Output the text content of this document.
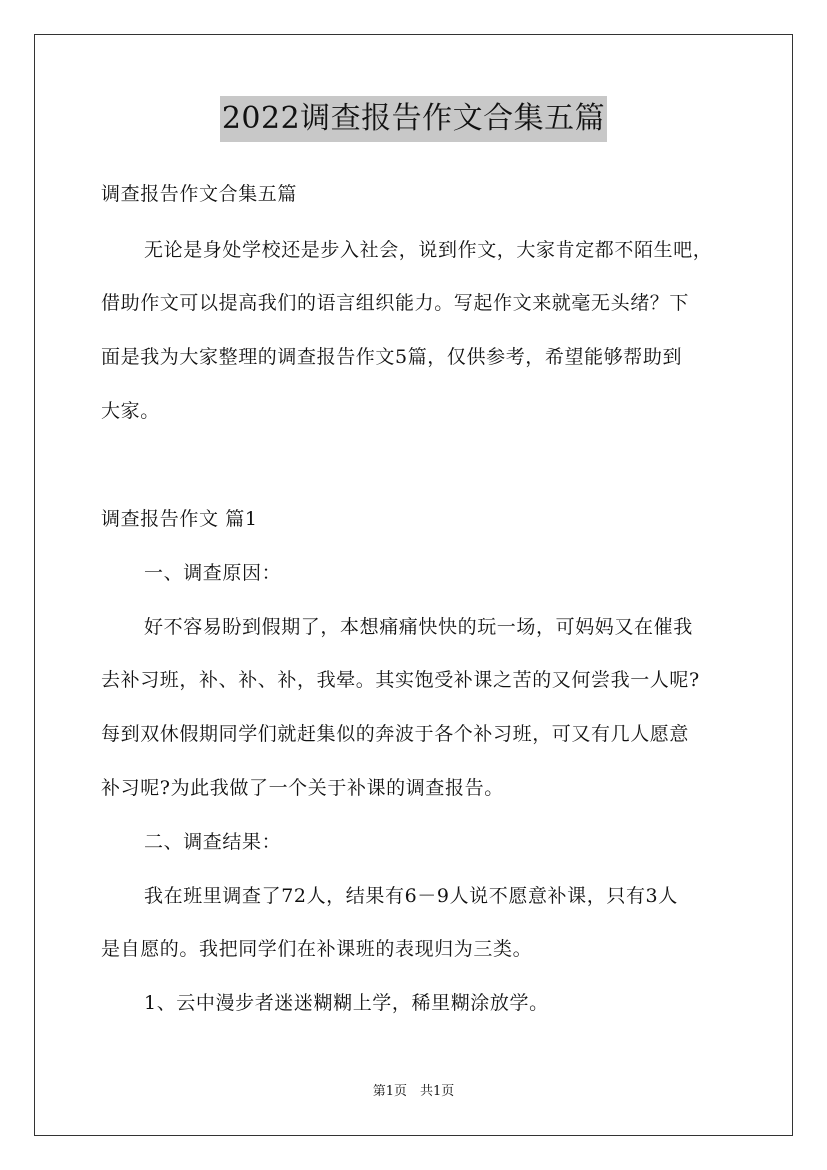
2022调查报告作文合集五篇
调查报告作文合集五篇
无论是身处学校还是步入社会，说到作文，大家肯定都不陌生吧，
借助作文可以提高我们的语言组织能力。写起作文来就毫无头绪？下
面是我为大家整理的调查报告作文5篇，仅供参考，希望能够帮助到
大家。
调查报告作文 篇1
一、调查原因：
好不容易盼到假期了，本想痛痛快快的玩一场，可妈妈又在催我
去补习班，补、补、补，我晕。其实饱受补课之苦的又何尝我一人呢?
每到双休假期同学们就赶集似的奔波于各个补习班，可又有几人愿意
补习呢?为此我做了一个关于补课的调查报告。
二、调查结果：
我在班里调查了72人，结果有6－9人说不愿意补课，只有3人
是自愿的。我把同学们在补课班的表现归为三类。
1、云中漫步者迷迷糊糊上学，稀里糊涂放学。
第1页　共1页
